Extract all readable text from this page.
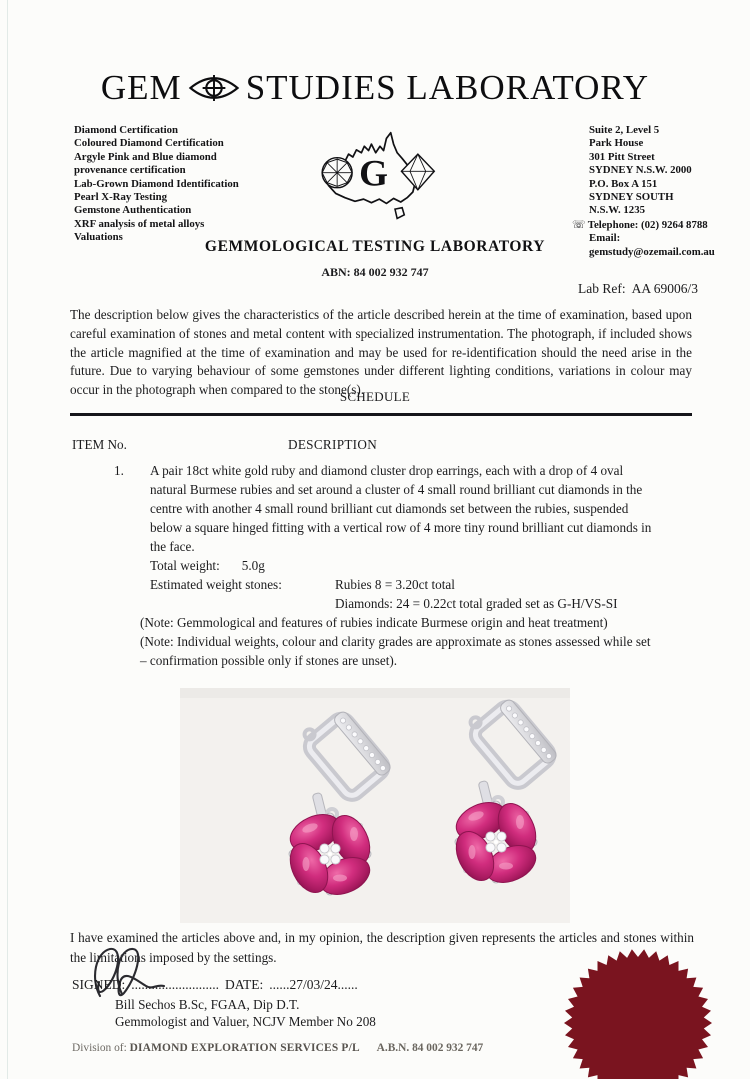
GEM STUDIES LABORATORY
Diamond Certification
Coloured Diamond Certification
Argyle Pink and Blue diamond
provenance certification
Lab-Grown Diamond Identification
Pearl X-Ray Testing
Gemstone Authentication
XRF analysis of metal alloys
Valuations
G
Suite 2, Level 5
Park House
301 Pitt Street
SYDNEY N.S.W. 2000
P.O. Box A 151
SYDNEY SOUTH
N.S.W. 1235
☏ Telephone: (02) 9264 8788
Email: gemstudy@ozemail.com.au
GEMMOLOGICAL TESTING LABORATORY
ABN: 84 002 932 747
Lab Ref: AA 69006/3
The description below gives the characteristics of the article described herein at the time of examination, based upon careful examination of stones and metal content with specialized instrumentation. The photograph, if included shows the article magnified at the time of examination and may be used for re-identification should the need arise in the future. Due to varying behaviour of some gemstones under different lighting conditions, variations in colour may occur in the photograph when compared to the stone(s).
SCHEDULE
ITEM No.	DESCRIPTION
1. A pair 18ct white gold ruby and diamond cluster drop earrings, each with a drop of 4 oval natural Burmese rubies and set around a cluster of 4 small round brilliant cut diamonds in the centre with another 4 small round brilliant cut diamonds set between the rubies, suspended below a square hinged fitting with a vertical row of 4 more tiny round brilliant cut diamonds in the face.

Total weight: 5.0g

Estimated weight stones:	Rubies 8 = 3.20ct total

Diamonds: 24 = 0.22ct total graded set as G-H/VS-SI

(Note: Gemmological and features of rubies indicate Burmese origin and heat treatment)

(Note: Individual weights, colour and clarity grades are approximate as stones assessed while set – confirmation possible only if stones are unset).

I have examined the articles above and, in my opinion, the description given represents the articles and stones within the limitations imposed by the settings.
SIGNED: .......................... DATE: ......27/03/24......
Bill Sechos B.Sc, FGAA, Dip D.T.
Gemmologist and Valuer, NCJV Member No 208
Division of: DIAMOND EXPLORATION SERVICES P/L A.B.N. 84 002 932 747
